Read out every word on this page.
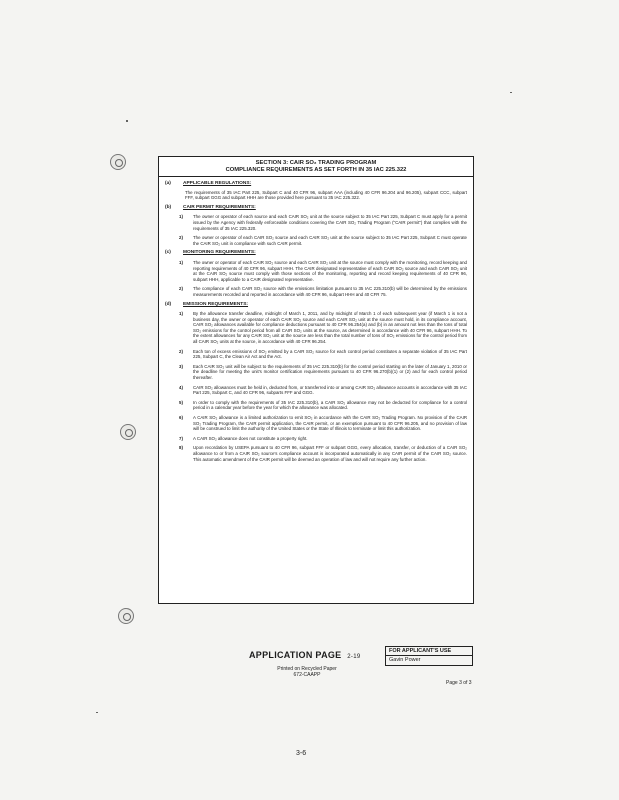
SECTION 3: CAIR SO₂ TRADING PROGRAM
COMPLIANCE REQUIREMENTS AS SET FORTH IN 35 IAC 225.322
(a)	APPLICABLE REGULATIONS:
The requirements of 35 IAC Part 225, Subpart C and 40 CFR 96, subpart AAA (including 40 CFR 96.204 and 96.205), subpart CCC, subpart FFF, subpart GGG and subpart HHH are those provided here pursuant to 35 IAC 225.322.
(b) CAIR PERMIT REQUIREMENTS:
1)	The owner or operator of each source and each CAIR SO₂ unit at the source subject to 35 IAC Part 225, Subpart C must apply for a permit issued by the Agency with federally enforceable conditions covering the CAIR SO₂ Trading Program ("CAIR permit") that complies with the requirements of 35 IAC 225.320.
2)	The owner or operator of each CAIR SO₂ source and each CAIR SO₂ unit at the source subject to 35 IAC Part 225, Subpart C must operate the CAIR SO₂ unit in compliance with such CAIR permit.
(c)	MONITORING REQUIREMENTS:
1)	The owner or operator of each CAIR SO₂ source and each CAIR SO₂ unit at the source must comply with the monitoring, record keeping and reporting requirements of 40 CFR 96, subpart HHH. The CAIR designated representative of each CAIR SO₂ source and each CAIR SO₂ unit at the CAIR SO₂ source must comply with those sections of the monitoring, reporting and record keeping requirements of 40 CFR 96, subpart HHH, applicable to a CAIR designated representative.
2)	The compliance of each CAIR SO₂ source with the emissions limitation pursuant to 35 IAC 225.310(b) will be determined by the emissions measurements recorded and reported in accordance with 40 CFR 96, subpart HHH and 40 CFR 75.
(d) EMISSION REQUIREMENTS:
1)	By the allowance transfer deadline, midnight of March 1, 2011, and by midnight of March 1 of each subsequent year (if March 1 is not a business day, the owner or operator of each CAIR SO₂ source and each CAIR SO₂ unit at the source must hold, in its compliance account, CAIR SO₂ allowances available for compliance deductions pursuant to 40 CFR 96.254(a) and (b) in an amount not less than the tons of total SO₂ emissions for the control period from all CAIR SO₂ units at the source, as determined in accordance with 40 CFR 96, subpart HHH. To the extent allowances for any CAIR SO₂ unit at the source are less than the total number of tons of SO₂ emissions for the control period from all CAIR SO₂ units at the source, in accordance with 40 CFR 96.254.
2)	Each ton of excess emissions of SO₂ emitted by a CAIR SO₂ source for each control period constitutes a separate violation of 35 IAC Part 225, Subpart C, the Clean Air Act and the Act.
3)	Each CAIR SO₂ unit will be subject to the requirements of 35 IAC 225.310(b) for the control period starting on the later of January 1, 2010 or the deadline for meeting the unit's monitor certification requirements pursuant to 40 CFR 96.270(b)(1) or (2) and for each control period thereafter.
4)	CAIR SO₂ allowances must be held in, deducted from, or transferred into or among CAIR SO₂ allowance accounts in accordance with 35 IAC Part 225, Subpart C, and 40 CFR 96, subparts FFF and GGG.
5)	In order to comply with the requirements of 35 IAC 225.310(b), a CAIR SO₂ allowance may not be deducted for compliance for a control period in a calendar year before the year for which the allowance was allocated.
6)	A CAIR SO₂ allowance is a limited authorization to emit SO₂ in accordance with the CAIR SO₂ Trading Program. No provision of the CAIR SO₂ Trading Program, the CAIR permit application, the CAIR permit, or an exemption pursuant to 40 CFR 96.205, and no provision of law will be construed to limit the authority of the United States or the State of Illinois to terminate or limit this authorization.
7)	A CAIR SO₂ allowance does not constitute a property right.
8)	Upon recordation by USEPA pursuant to 40 CFR 96, subpart FFF or subpart GGG, every allocation, transfer, or deduction of a CAIR SO₂ allowance to or from a CAIR SO₂ source's compliance account is incorporated automatically in any CAIR permit of the CAIR SO₂ source. This automatic amendment of the CAIR permit will be deemed an operation of law and will not require any further action.
APPLICATION PAGE 2-19
Printed on Recycled Paper
672-CAAPP
FOR APPLICANT'S USE
Gavin Power
Page 3 of 3
3-6
